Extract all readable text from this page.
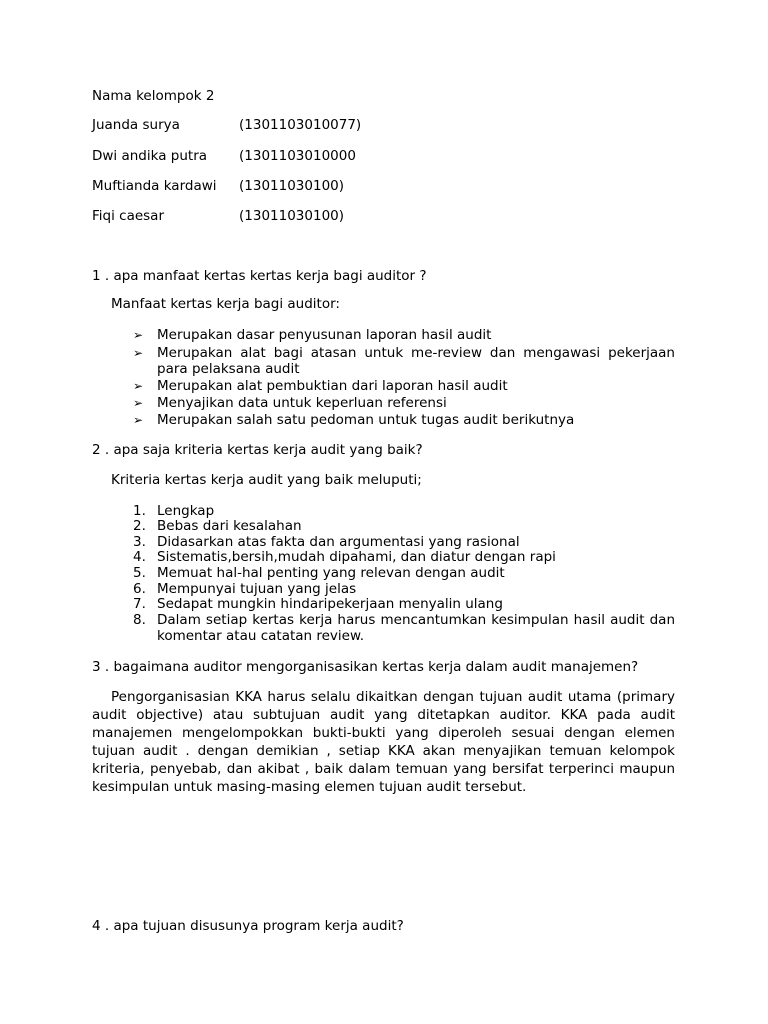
Nama kelompok 2
Juanda surya	(1301103010077)
Dwi andika putra (1301103010000
Muftianda kardawi (13011030100)
Fiqi caesar	(13011030100)
1 . apa manfaat kertas kertas kerja bagi auditor ?
Manfaat kertas kerja bagi auditor:
➢ Merupakan dasar penyusunan laporan hasil audit
➢ Merupakan alat bagi atasan untuk me-review dan mengawasi pekerjaan para pelaksana audit
➢ Merupakan alat pembuktian dari laporan hasil audit
➢ Menyajikan data untuk keperluan referensi
➢ Merupakan salah satu pedoman untuk tugas audit berikutnya
2 . apa saja kriteria kertas kerja audit yang baik?
Kriteria kertas kerja audit yang baik meluputi;
1. Lengkap
2. Bebas dari kesalahan
3. Didasarkan atas fakta dan argumentasi yang rasional
4. Sistematis,bersih,mudah dipahami, dan diatur dengan rapi
5. Memuat hal-hal penting yang relevan dengan audit
6. Mempunyai tujuan yang jelas
7. Sedapat mungkin hindaripekerjaan menyalin ulang
8. Dalam setiap kertas kerja harus mencantumkan kesimpulan hasil audit dan komentar atau catatan review.
3 . bagaimana auditor mengorganisasikan kertas kerja dalam audit manajemen?

Pengorganisasian KKA harus selalu dikaitkan dengan tujuan audit utama (primary audit objective) atau subtujuan audit yang ditetapkan auditor. KKA pada audit manajemen mengelompokkan bukti-bukti yang diperoleh sesuai dengan elemen tujuan audit . dengan demikian , setiap KKA akan menyajikan temuan kelompok kriteria, penyebab, dan akibat , baik dalam temuan yang bersifat terperinci maupun kesimpulan untuk masing-masing elemen tujuan audit tersebut.

4 . apa tujuan disusunya program kerja audit?
